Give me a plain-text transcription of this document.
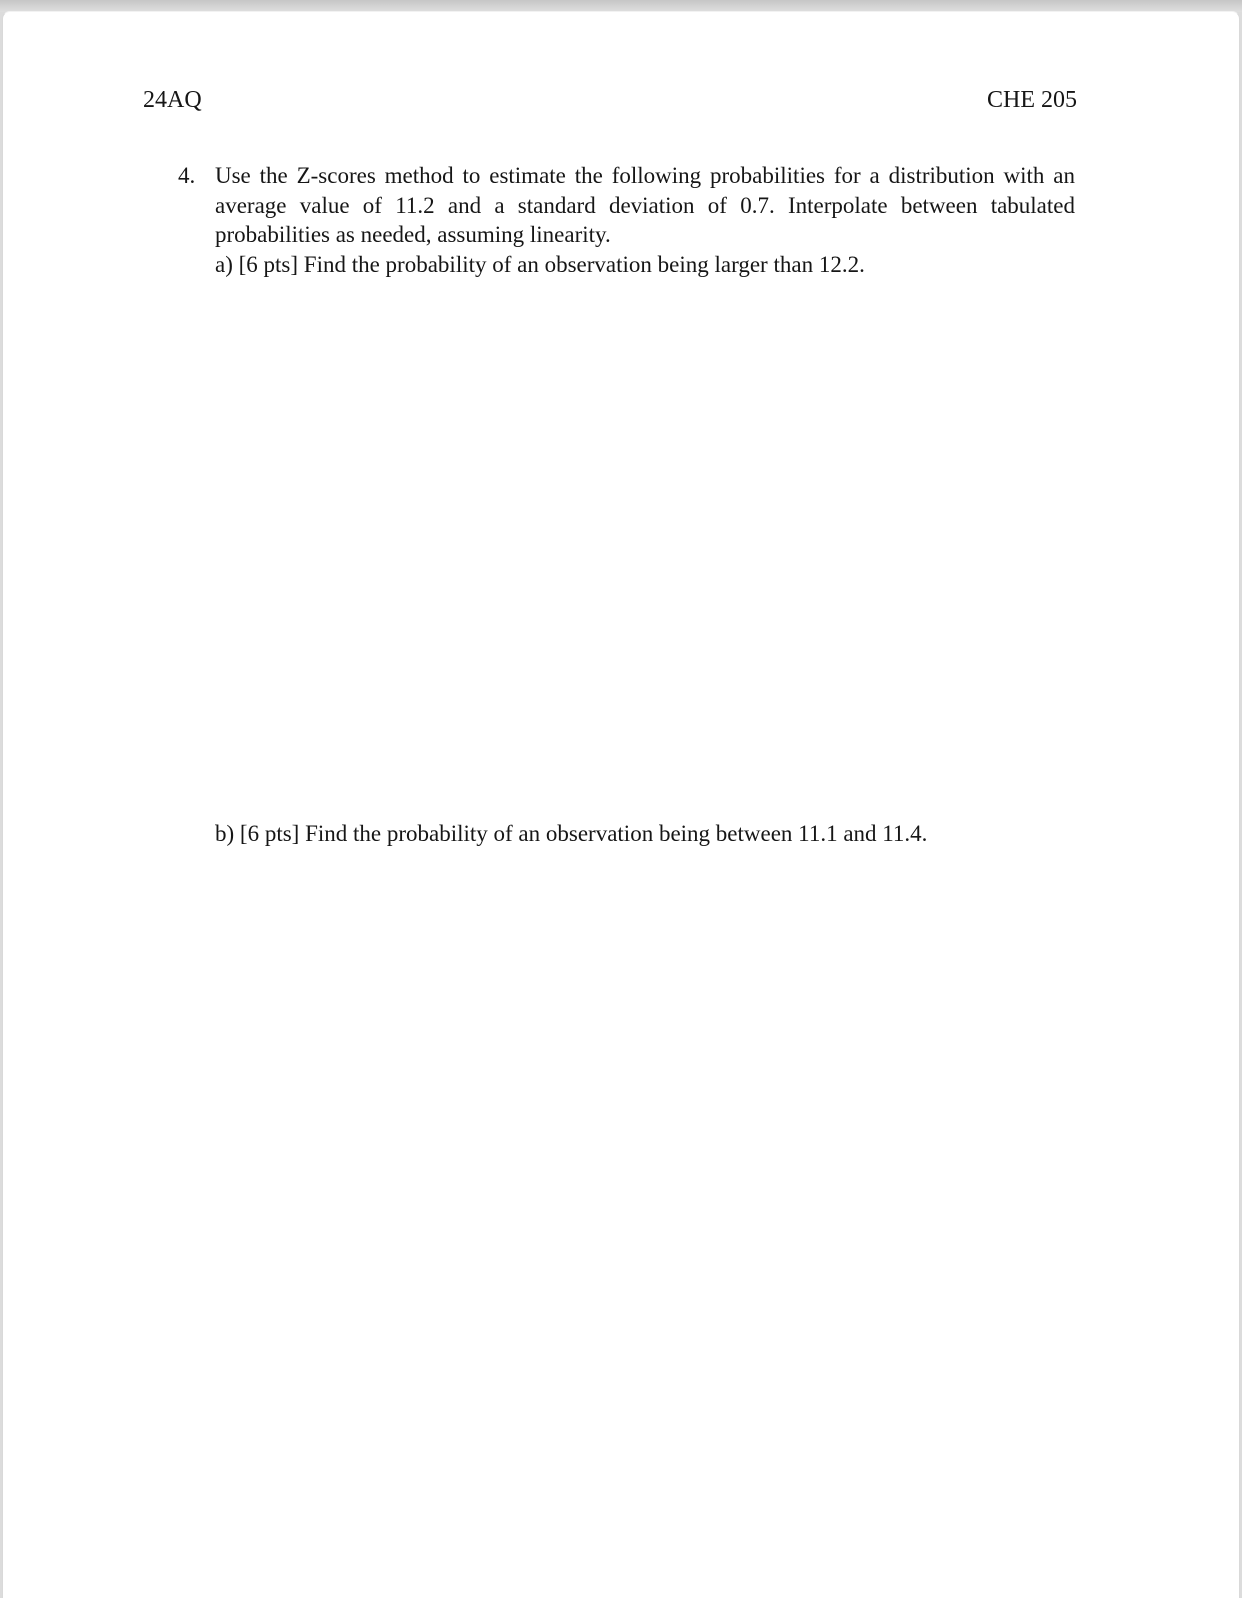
24AQ	CHE 205
4. Use the Z-scores method to estimate the following probabilities for a distribution with an
average value of 11.2 and a standard deviation of 0.7. Interpolate between tabulated
probabilities as needed, assuming linearity.
a) [6 pts] Find the probability of an observation being larger than 12.2.
b) [6 pts] Find the probability of an observation being between 11.1 and 11.4.
